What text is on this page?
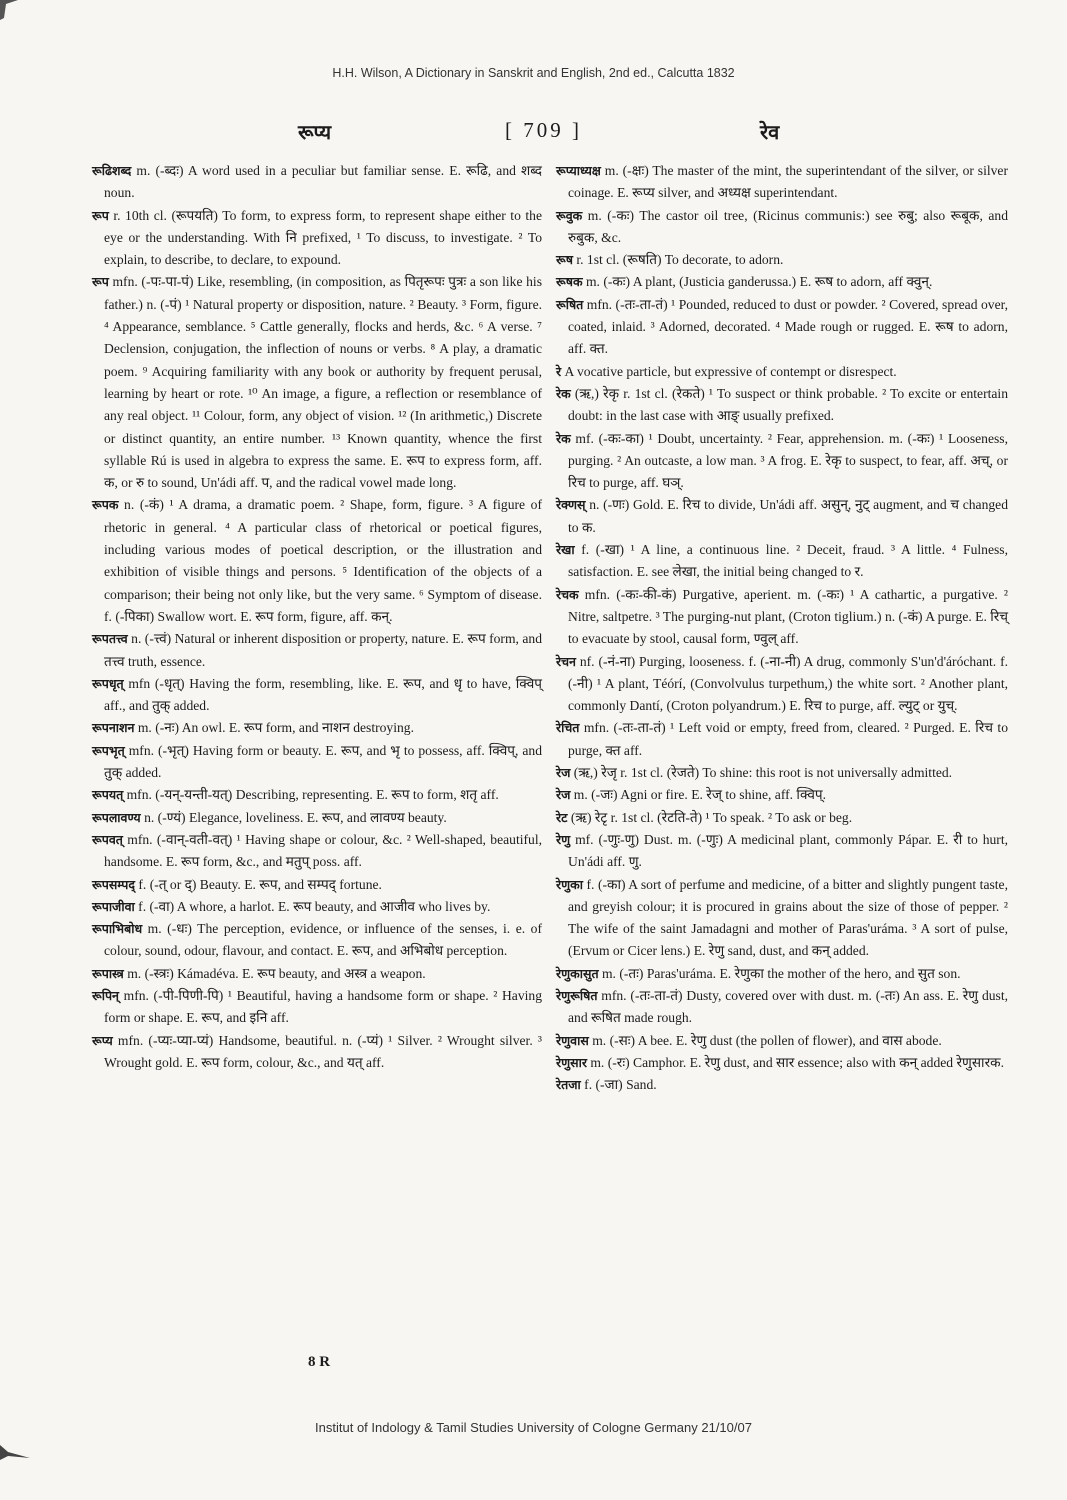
H.H. Wilson, A Dictionary in Sanskrit and English, 2nd ed., Calcutta 1832
रूप्य	[ 709 ]	रेव

रूढिशब्द m. (-ब्दः) A word used in a peculiar but familiar sense. E. रूढि, and शब्द noun.

रूप r. 10th cl. (रूपयति) To form, to express form, to represent shape either to the eye or the understanding. With नि prefixed, ¹ To discuss, to investigate. ² To explain, to describe, to declare, to expound.

रूप mfn. (-पः-पा-पं) Like, resembling, (in composition, as पितृरूपः पुत्रः a son like his father.) n. (-पं) ¹ Natural property or disposition, nature. ² Beauty. ³ Form, figure. ⁴ Appearance, semblance. ⁵ Cattle generally, flocks and herds, &c. ⁶ A verse. ⁷ Declension, conjugation, the inflection of nouns or verbs. ⁸ A play, a dramatic poem. ⁹ Acquiring familiarity with any book or authority by frequent perusal, learning by heart or rote. ¹⁰ An image, a figure, a reflection or resemblance of any real object. ¹¹ Colour, form, any object of vision. ¹² (In arithmetic,) Discrete or distinct quantity, an entire number. ¹³ Known quantity, whence the first syllable Rú is used in algebra to express the same. E. रूप to express form, aff. क, or रु to sound, Un'ádi aff. प, and the radical vowel made long.

रूपक n. (-कं) ¹ A drama, a dramatic poem. ² Shape, form, figure. ³ A figure of rhetoric in general. ⁴ A particular class of rhetorical or poetical figures, including various modes of poetical description, or the illustration and exhibition of visible things and persons. ⁵ Identification of the objects of a comparison; their being not only like, but the very same. ⁶ Symptom of disease. f. (-पिका) Swallow wort. E. रूप form, figure, aff. कन्.

रूपतत्त्व n. (-त्त्वं) Natural or inherent disposition or property, nature. E. रूप form, and तत्त्व truth, essence.

रूपधृत् mfn (-धृत्) Having the form, resembling, like. E. रूप, and धृ to have, क्विप् aff., and तुक् added.

रूपनाशन m. (-नः) An owl. E. रूप form, and नाशन destroying.

रूपभृत् mfn. (-भृत्) Having form or beauty. E. रूप, and भृ to possess, aff. क्विप्, and तुक् added.

रूपयत् mfn. (-यन्-यन्ती-यत्) Describing, representing. E. रूप to form, शतृ aff.

रूपलावण्य n. (-ण्यं) Elegance, loveliness. E. रूप, and लावण्य beauty.

रूपवत् mfn. (-वान्-वती-वत्) ¹ Having shape or colour, &c. ² Well-shaped, beautiful, handsome. E. रूप form, &c., and मतुप् poss. aff.

रूपसम्पद् f. (-त् or द्) Beauty. E. रूप, and सम्पद् fortune.

रूपाजीवा f. (-वा) A whore, a harlot. E. रूप beauty, and आजीव who lives by.

रूपाभिबोध m. (-धः) The perception, evidence, or influence of the senses, i. e. of colour, sound, odour, flavour, and contact. E. रूप, and अभिबोध perception.

रूपास्त्र m. (-स्त्रः) Kámadéva. E. रूप beauty, and अस्त्र a weapon.

रूपिन् mfn. (-पी-पिणी-पि) ¹ Beautiful, having a handsome form or shape. ² Having form or shape. E. रूप, and इनि aff.

रूप्य mfn. (-प्यः-प्या-प्यं) Handsome, beautiful. n. (-प्यं) ¹ Silver. ² Wrought silver. ³ Wrought gold. E. रूप form, colour, &c., and यत् aff.

रूप्याध्यक्ष m. (-क्षः) The master of the mint, the superintendant of the silver, or silver coinage. E. रूप्य silver, and अध्यक्ष superintendant.

रूवुक m. (-कः) The castor oil tree, (Ricinus communis:) see रुबु; also रूबूक, and रुबुक, &c.

रूष r. 1st cl. (रूषति) To decorate, to adorn.

रूषक m. (-कः) A plant, (Justicia ganderussa.) E. रूष to adorn, aff क्वुन्.

रूषित mfn. (-तः-ता-तं) ¹ Pounded, reduced to dust or powder. ² Covered, spread over, coated, inlaid. ³ Adorned, decorated. ⁴ Made rough or rugged. E. रूष to adorn, aff. क्त.

रे A vocative particle, but expressive of contempt or disrespect.

रेक (ऋ,) रेकृ r. 1st cl. (रेकते) ¹ To suspect or think probable. ² To excite or entertain doubt: in the last case with आङ् usually prefixed.

रेक mf. (-कः-का) ¹ Doubt, uncertainty. ² Fear, apprehension. m. (-कः) ¹ Looseness, purging. ² An outcaste, a low man. ³ A frog. E. रेकृ to suspect, to fear, aff. अच्, or रिच to purge, aff. घञ्.

रेक्णस् n. (-णः) Gold. E. रिच to divide, Un'ádi aff. असुन्, नुट् augment, and च changed to क.

रेखा f. (-खा) ¹ A line, a continuous line. ² Deceit, fraud. ³ A little. ⁴ Fulness, satisfaction. E. see लेखा, the initial being changed to र.

रेचक mfn. (-कः-की-कं) Purgative, aperient. m. (-कः) ¹ A cathartic, a purgative. ² Nitre, saltpetre. ³ The purging-nut plant, (Croton tiglium.) n. (-कं) A purge. E. रिच् to evacuate by stool, causal form, ण्वुल् aff.

रेचन nf. (-नं-ना) Purging, looseness. f. (-ना-नी) A drug, commonly S'un'd'áróchant. f. (-नी) ¹ A plant, Téórí, (Convolvulus turpethum,) the white sort. ² Another plant, commonly Dantí, (Croton polyandrum.) E. रिच to purge, aff. ल्युट् or युच्.

रेचित mfn. (-तः-ता-तं) ¹ Left void or empty, freed from, cleared. ² Purged. E. रिच to purge, क्त aff.

रेज (ऋ,) रेजृ r. 1st cl. (रेजते) To shine: this root is not universally admitted.

रेज m. (-जः) Agni or fire. E. रेज् to shine, aff. क्विप्.

रेट (ऋ) रेटृ r. 1st cl. (रेटति-ते) ¹ To speak. ² To ask or beg.

रेणु mf. (-णुः-णु) Dust. m. (-णुः) A medicinal plant, commonly Pápar. E. री to hurt, Un'ádi aff. णु.

रेणुका f. (-का) A sort of perfume and medicine, of a bitter and slightly pungent taste, and greyish colour; it is procured in grains about the size of those of pepper. ² The wife of the saint Jamadagni and mother of Paras'uráma. ³ A sort of pulse, (Ervum or Cicer lens.) E. रेणु sand, dust, and कन् added.

रेणुकासुत m. (-तः) Paras'uráma. E. रेणुका the mother of the hero, and सुत son.

रेणुरूषित mfn. (-तः-ता-तं) Dusty, covered over with dust. m. (-तः) An ass. E. रेणु dust, and रूषित made rough.

रेणुवास m. (-सः) A bee. E. रेणु dust (the pollen of flower), and वास abode.

रेणुसार m. (-रः) Camphor. E. रेणु dust, and सार essence; also with कन् added रेणुसारक.

रेतजा f. (-जा) Sand.

8 R
Institut of Indology & Tamil Studies University of Cologne Germany 21/10/07
